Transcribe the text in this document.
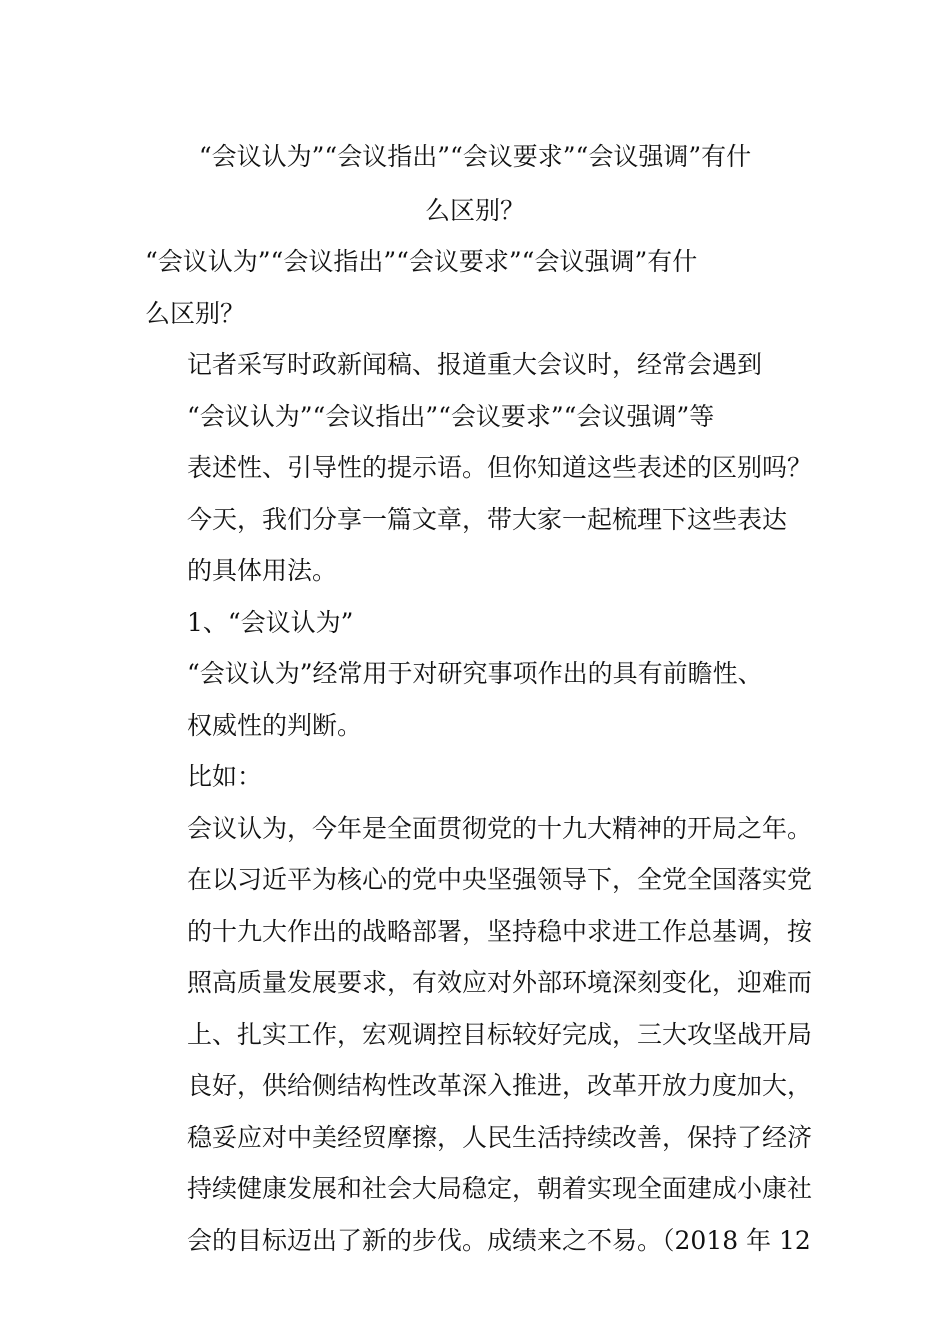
“会议认为”“会议指出”“会议要求”“会议强调”有什
么区别？

“会议认为”“会议指出”“会议要求”“会议强调”有什
么区别？

记者采写时政新闻稿、报道重大会议时，经常会遇到
“会议认为”“会议指出”“会议要求”“会议强调”等
表述性、引导性的提示语。但你知道这些表述的区别吗？

今天，我们分享一篇文章，带大家一起梳理下这些表达
的具体用法。

1、“会议认为”

“会议认为”经常用于对研究事项作出的具有前瞻性、
权威性的判断。

比如：

会议认为，今年是全面贯彻党的十九大精神的开局之年。
在以习近平为核心的党中央坚强领导下，全党全国落实党
的十九大作出的战略部署，坚持稳中求进工作总基调，按
照高质量发展要求，有效应对外部环境深刻变化，迎难而
上、扎实工作，宏观调控目标较好完成，三大攻坚战开局
良好，供给侧结构性改革深入推进，改革开放力度加大，
稳妥应对中美经贸摩擦，人民生活持续改善，保持了经济
持续健康发展和社会大局稳定，朝着实现全面建成小康社
会的目标迈出了新的步伐。成绩来之不易。（2018 年 12
